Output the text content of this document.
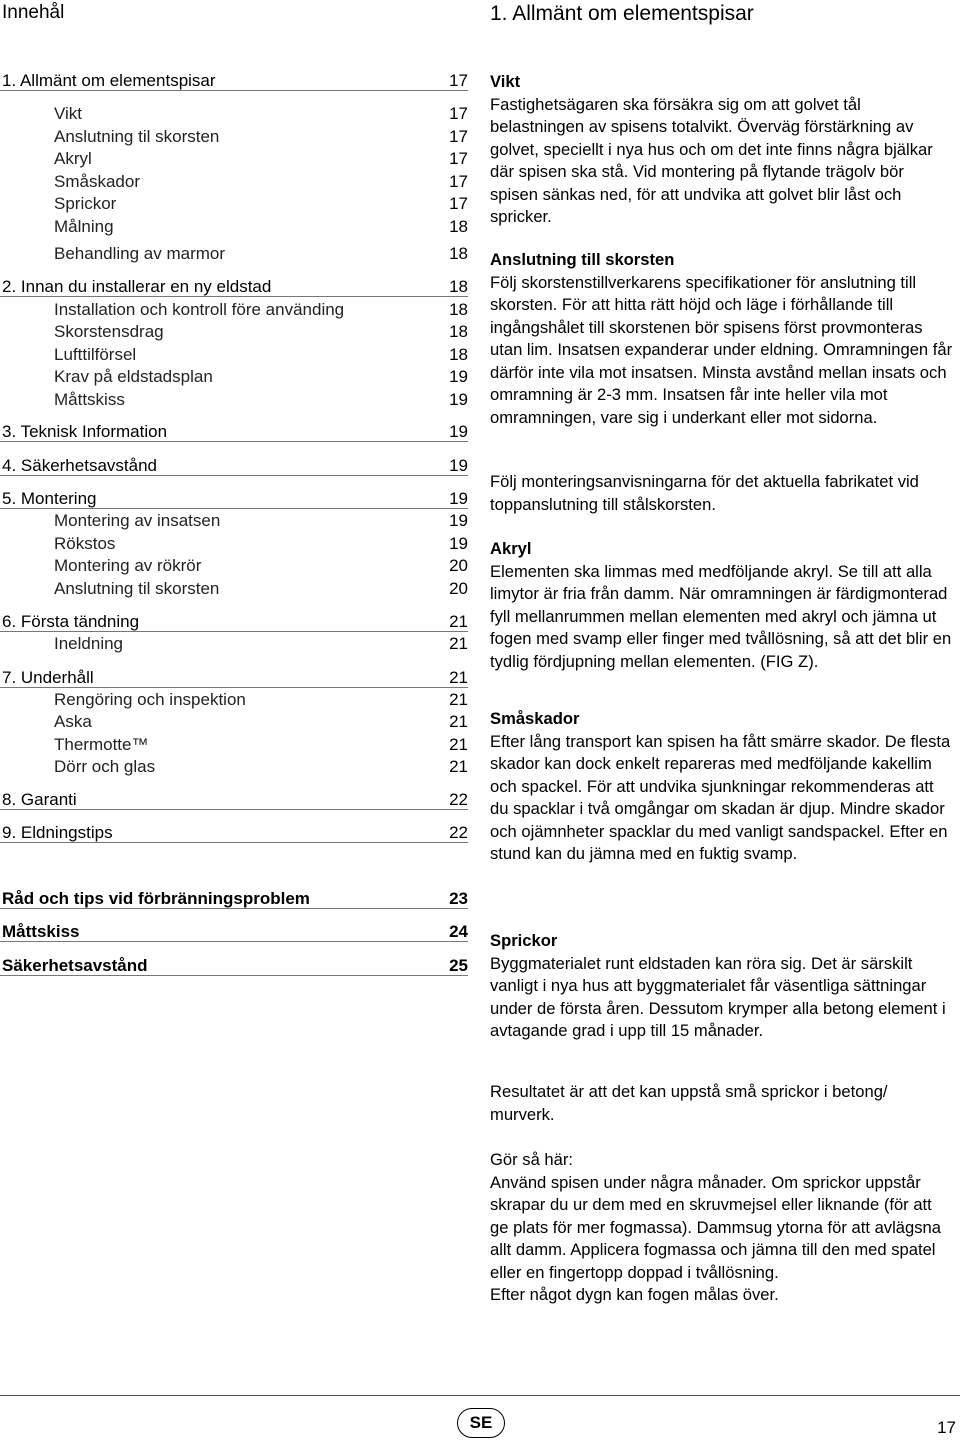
Innehål	1. Allmänt om elementspisar
1. Allmänt om elementspisar	17
Vikt	17
Anslutning til skorsten	17
Akryl	17
Småskador	17
Sprickor	17
Målning	18
Behandling av marmor	18
2. Innan du installerar en ny eldstad	18
Installation och kontroll före använding	18
Skorstensdrag	18
Lufttilförsel	18
Krav på eldstadsplan	19
Måttskiss	19
3. Teknisk Information	19
4. Säkerhetsavstånd	19
5. Montering	19
Montering av insatsen	19
Rökstos	19
Montering av rökrör	20
Anslutning til skorsten	20
6. Första tändning	21
Ineldning	21
7. Underhåll	21
Rengöring och inspektion	21
Aska	21
Thermotte™	21
Dörr och glas	21
8. Garanti	22
9. Eldningstips	22
Råd och tips vid förbränningsproblem	23
Måttskiss	24
Säkerhetsavstånd	25
Vikt

Fastighetsägaren ska försäkra sig om att golvet tål belastningen av spisens totalvikt. Överväg förstärkning av golvet, speciellt i nya hus och om det inte finns några bjälkar där spisen ska stå. Vid montering på flytande trägolv bör spisen sänkas ned, för att undvika att golvet blir låst och spricker.

Anslutning till skorsten

Följ skorstenstillverkarens specifikationer för anslutning till skorsten. För att hitta rätt höjd och läge i förhållande till ingångshålet till skorstenen bör spisens först provmonteras utan lim. Insatsen expanderar under eldning. Omramningen får därför inte vila mot insatsen. Minsta avstånd mellan insats och omramning är 2-3 mm. Insatsen får inte heller vila mot omramningen, vare sig i underkant eller mot sidorna.

Följ monteringsanvisningarna för det aktuella fabrikatet vid toppanslutning till stålskorsten.

Akryl

Elementen ska limmas med medföljande akryl. Se till att alla limytor är fria från damm. När omramningen är färdigmonterad fyll mellanrummen mellan elementen med akryl och jämna ut fogen med svamp eller finger med tvållösning, så att det blir en tydlig fördjupning mellan elementen. (FIG Z).

Småskador

Efter lång transport kan spisen ha fått smärre skador. De flesta skador kan dock enkelt repareras med medföljande kakellim och spackel. För att undvika sjunkningar rekommenderas att du spacklar i två omgångar om skadan är djup. Mindre skador och ojämnheter spacklar du med vanligt sandspackel. Efter en stund kan du jämna med en fuktig svamp.

Sprickor

Byggmaterialet runt eldstaden kan röra sig. Det är särskilt vanligt i nya hus att byggmaterialet får väsentliga sättningar under de första åren. Dessutom krymper alla betong element i avtagande grad i upp till 15 månader.

Resultatet är att det kan uppstå små sprickor i betong/ murverk.

Gör så här:
Använd spisen under några månader. Om sprickor uppstår skrapar du ur dem med en skruvmejsel eller liknande (för att ge plats för mer fogmassa). Dammsug ytorna för att avlägsna allt damm. Applicera fogmassa och jämna till den med spatel eller en fingertopp doppad i tvållösning.
Efter något dygn kan fogen målas över.

SE	17
